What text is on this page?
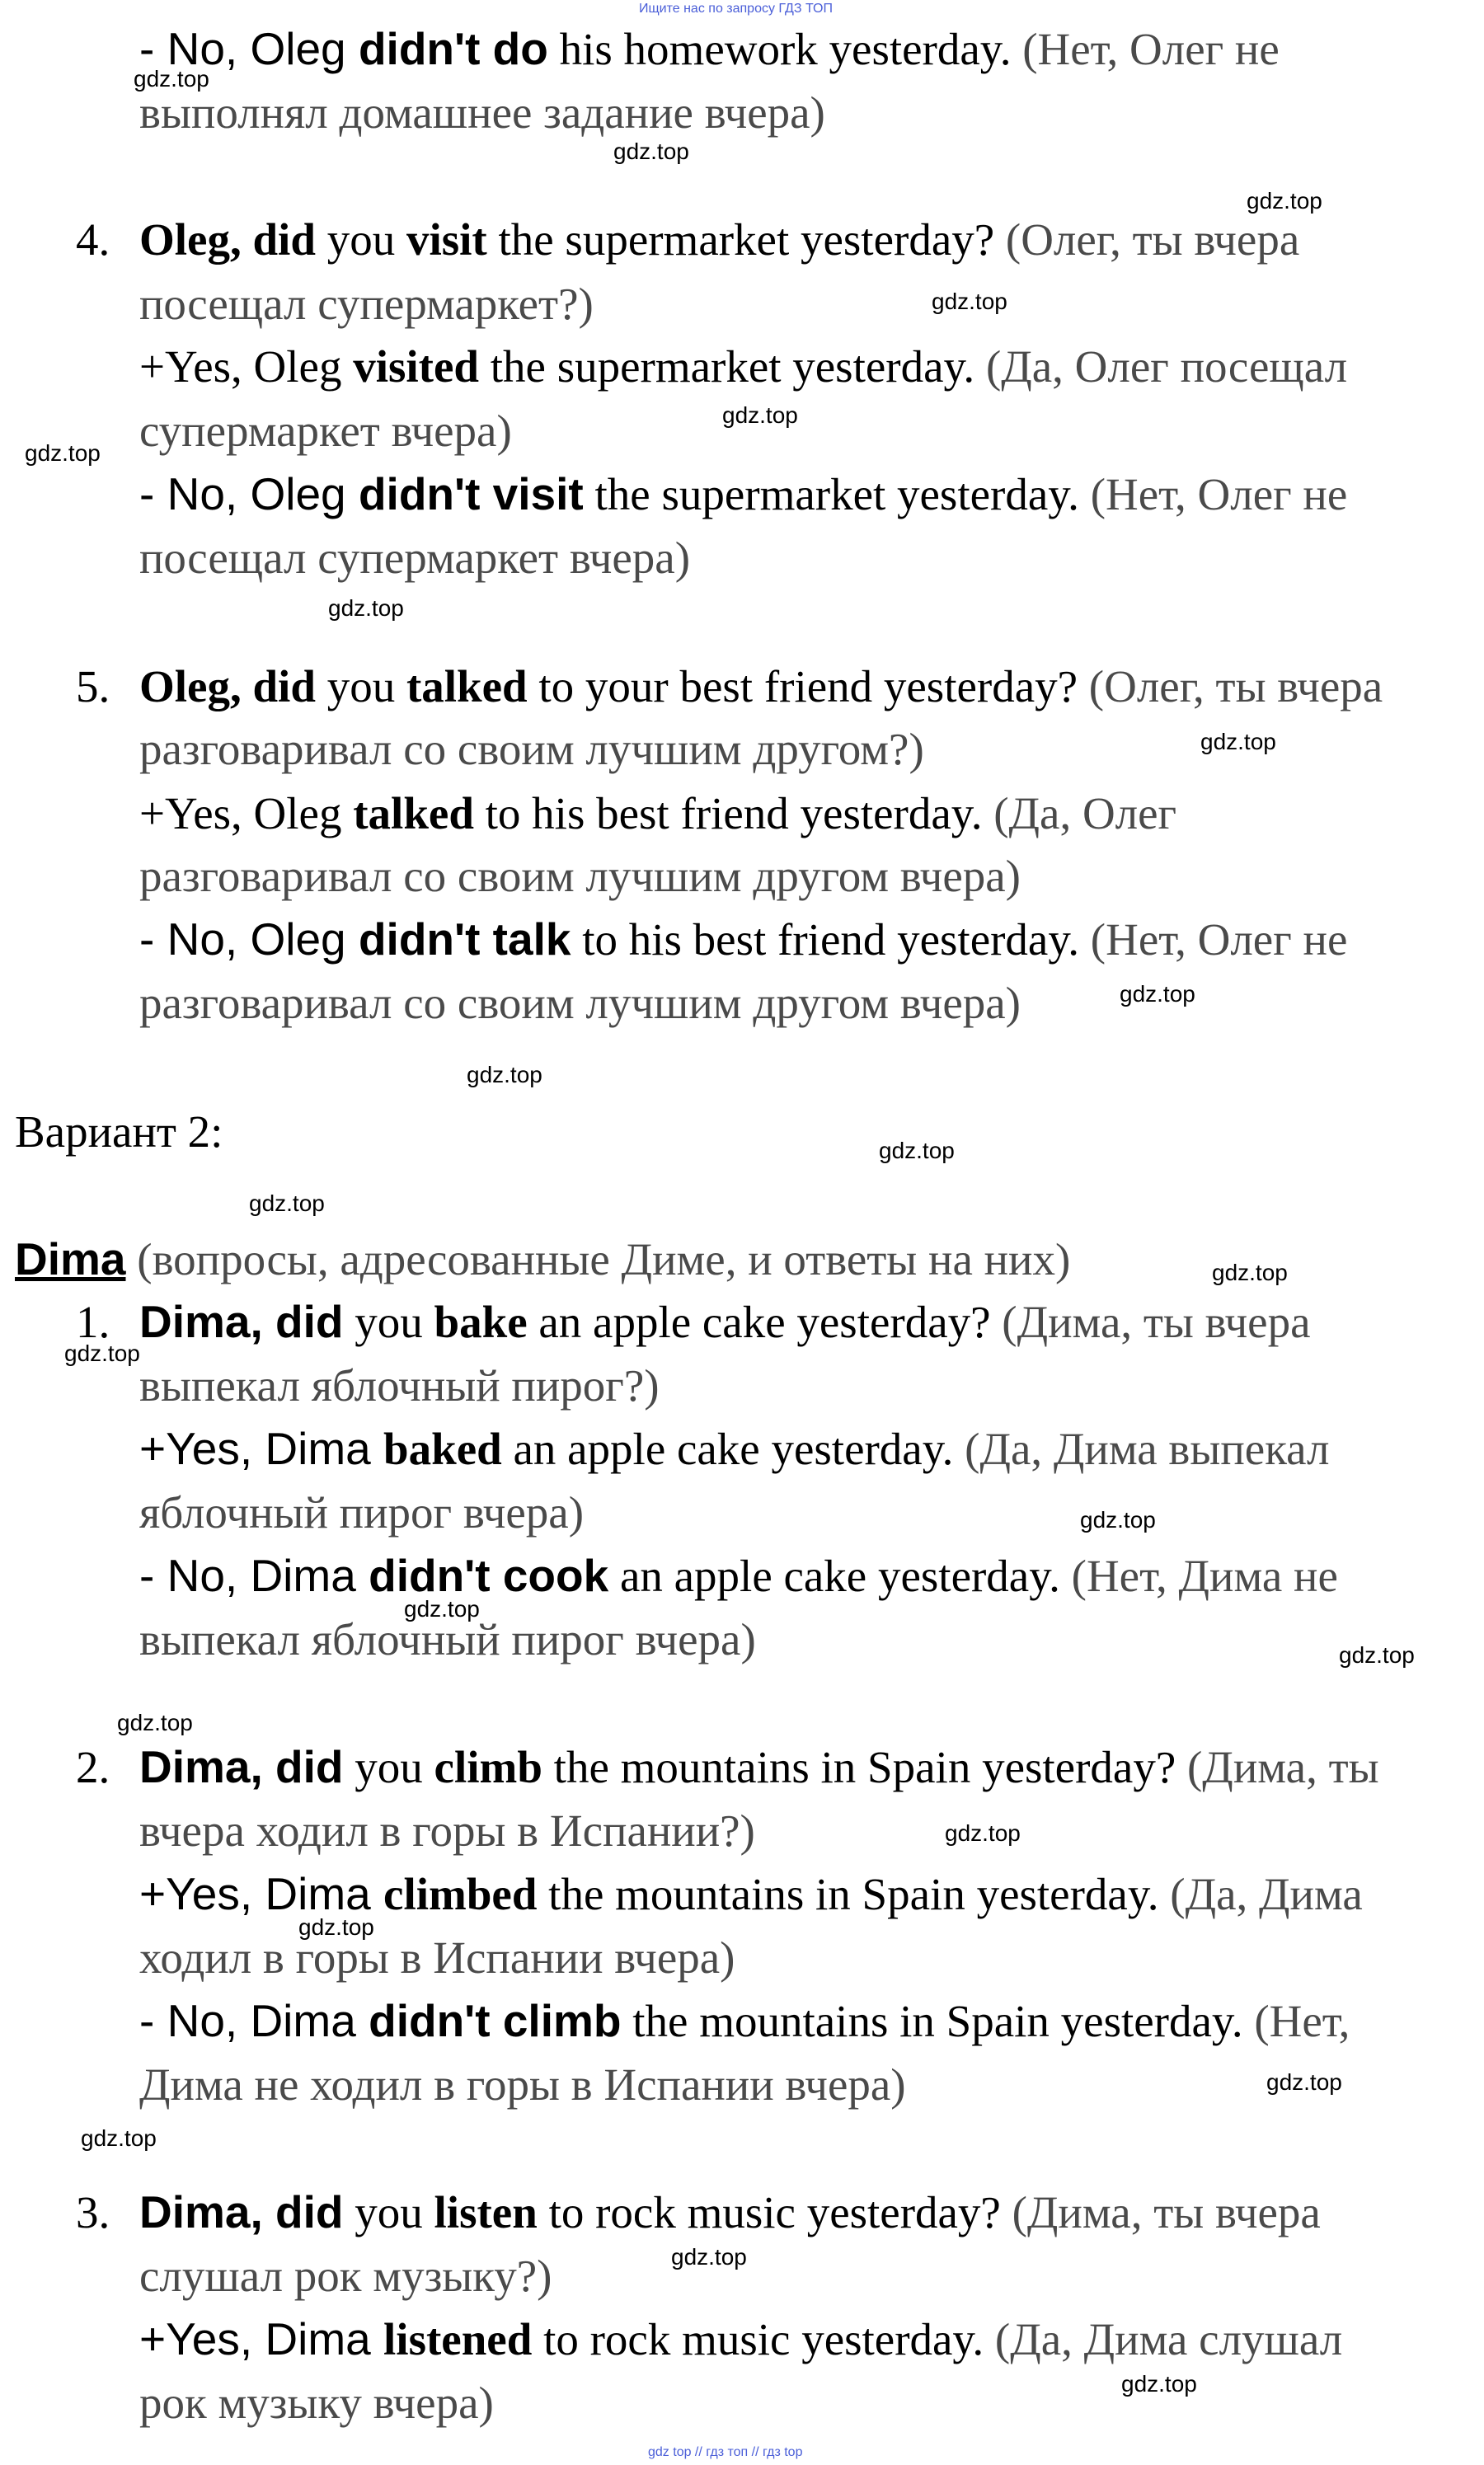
Ищите нас по запросу ГДЗ ТОП
- No, Oleg didn't do his homework yesterday. (Нет, Олег не
выполнял домашнее задание вчера)
4. Oleg, did you visit the supermarket yesterday? (Олег, ты вчера
посещал супермаркет?)
+Yes, Oleg visited the supermarket yesterday. (Да, Олег посещал
супермаркет вчера)
- No, Oleg didn't visit the supermarket yesterday. (Нет, Олег не
посещал супермаркет вчера)
5. Oleg, did you talked to your best friend yesterday? (Олег, ты вчера
разговаривал со своим лучшим другом?)
+Yes, Oleg talked to his best friend yesterday. (Да, Олег
разговаривал со своим лучшим другом вчера)
- No, Oleg didn't talk to his best friend yesterday. (Нет, Олег не
разговаривал со своим лучшим другом вчера)
Вариант 2:
Dima (вопросы, адресованные Диме, и ответы на них)
1. Dima, did you bake an apple cake yesterday? (Дима, ты вчера
выпекал яблочный пирог?)
+Yes, Dima baked an apple cake yesterday. (Да, Дима выпекал
яблочный пирог вчера)
- No, Dima didn't cook an apple cake yesterday. (Нет, Дима не
выпекал яблочный пирог вчера)
2. Dima, did you climb the mountains in Spain yesterday? (Дима, ты
вчера ходил в горы в Испании?)
+Yes, Dima climbed the mountains in Spain yesterday. (Да, Дима
ходил в горы в Испании вчера)
- No, Dima didn't climb the mountains in Spain yesterday. (Нет,
Дима не ходил в горы в Испании вчера)
3. Dima, did you listen to rock music yesterday? (Дима, ты вчера
слушал рок музыку?)
+Yes, Dima listened to rock music yesterday. (Да, Дима слушал
рок музыку вчера)
gdz.top
gdz.top
gdz.top
gdz.top
gdz.top
gdz.top
gdz.top
gdz.top
gdz.top
gdz.top
gdz.top
gdz.top
gdz.top
gdz.top
gdz.top
gdz.top
gdz.top
gdz.top
gdz.top
gdz.top
gdz.top
gdz.top
gdz.top
gdz.top
gdz top // гдз топ // гдз top
